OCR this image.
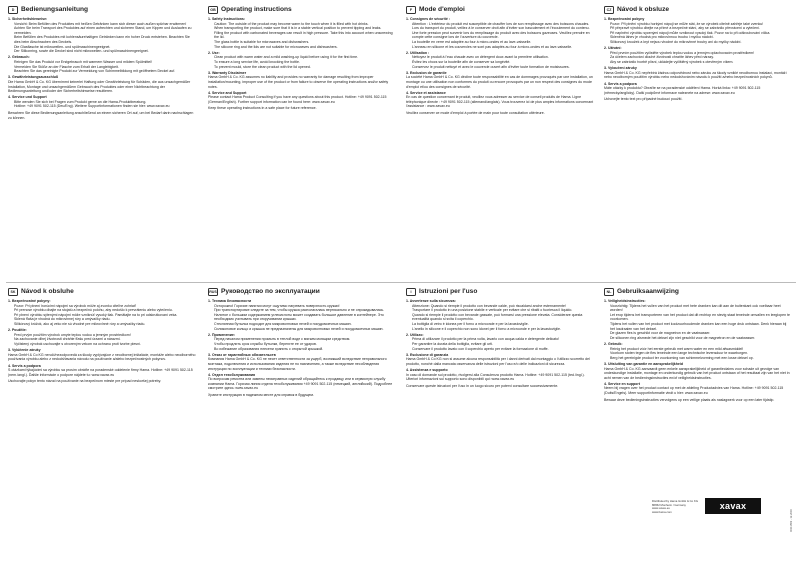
D	Bedienungsanleitung
1. Sicherheitshinweise:
• Vorsicht: Beim Befüllen des Produktes mit heißen Getränken kann sich dieser auch außen spürbar erwärmen!
• Achten Sie beim Transport des Produktes auf einen aufrechten und sicheren Stand, um Kippen und Auslaufen zu vermeiden.
• Beim Befüllen des Produktes mit kohlensäurehaltigen Getränken kann ein hoher Druck entstehen. Beachten Sie dies beim Abschrauben des Deckels.
• Die Glasflasche ist mikrowellen- und spülmaschinengeeignet.
• Der Silikonring, sowie die Deckel sind nicht mikrowellen- und spülmaschinengeeignet.
2. Gebrauch:
• Reinigen Sie das Produkt vor Erstgebrauch mit warmem Wasser und mildem Spülmittel!
• Vermeiden Sie Stöße an der Flasche zum Erhalt der Langlebigkeit.
• Beachten Sie das gereinigte Produkt zur Vermeidung von Schimmelbildung mit geöffnetem Deckel auf.
3. Gewährleistungsausschluß

Die Hama GmbH & Co. KG übernimmt keinerlei Haftung oder Gewährleistung für Schäden, die aus unsachgemäßer Installation, Montage und unsachgemäßem Gebrauch des Produktes oder einer Nichtbeachtung der Bedienungsanleitung und/oder der Sicherheitshinweise resultieren.

4. Service und Support
• Bitte wenden Sie sich bei Fragen zum Produkt gerne an die Hama-Produktberatung.
• Hotline: +49 9091 502-115 (Deu/Eng). Weitere Supportinformationen finden sie hier: www.xavax.eu

Bewahren Sie diese Bedienungsanleitung anschließend an einem sicheren Ort auf, um bei Bedarf darin nachschlagen zu können.

GB Operating instructions
1. Safety Instructions:
• Caution: The outside of the product may become warm to the touch when it is filled with hot drinks.
• When transporting the product, make sure that it is in a stable vertical position to prevent tipping and leaks.
• Filling the product with carbonated beverages can result in high pressure. Take this into account when unscrewing the lid.
• The glass bottle is suitable for microwaves and dishwashers.
• The silicone ring and the lids are not suitable for microwaves and dishwashers.
2. Use:
• Clean product with warm water and a mild washing-up liquid before using it for the first time.
• To ensure a long service life, avoid knocking the bottle.
• To prevent mould, store the clean product with the lid opened.
3. Warranty Disclaimer

Hama GmbH & Co. KG assumes no liability and provides no warranty for damage resulting from improper installation/mounting, improper use of the product or from failure to observe the operating instructions and/or safety notes.

4. Service and Support

Please contact Hama Product Consulting if you have any questions about this product. Hotline: +49 9091 502-115 (German/English). Further support information can be found here: www.xavax.eu

Keep these operating instructions in a safe place for future reference.

F	Mode d'emploi
1. Consignes de sécurité :
• Attention : L'extérieur du produit est susceptible de chauffer lors de son remplissage avec des boissons chaudes.
• Lors du transport du produit, veillez à le conserver droit afin d'éviter son basculement et l'écoulement du contenu.
• Une forte pression peut survenir lors du remplissage du produit avec des boissons gazeuses. Veuillez prendre en compte cette consigne lors de l'ouverture du couvercle.
• La bouteille en verre est adaptée au four à micro-ondes et au lave-vaisselle.
• L'anneau en silicone et les couvercles ne sont pas adaptés au four à micro-ondes et au lave-vaisselle.
2. Utilisation :
• Nettoyez le produit à l'eau chaude avec un détergent doux avant la première utilisation.
• Évitez les chocs sur la bouteille afin de conserver sa longévité.
• Conservez le produit nettoyé et avec le couvercle ouvert afin d'éviter toute formation de moisissures.
3. Exclusion de garantie

La société Hama GmbH & Co. KG décline toute responsabilité en cas de dommages provoqués par une installation, un montage ou une utilisation non conformes du produit ou encore provoqués par un non respect des consignes du mode d'emploi et/ou des consignes de sécurité.

4. Service et assistance

En cas de question concernant le produit, veuillez vous adresser au service de conseil produits de Hama. Ligne téléphonique directe : +49 9091 502-115 (allemand/anglais). Vous trouverez ici de plus amples informations concernant l'assistance : www.xavax.eu

Veuillez conserver ce mode d'emploi à portée de main pour toute consultation ultérieure.

CZ Návod k obsluze
1. Bezpečnostní pokyny
• Pozor: Při plnění výrobku horkými nápoji se může stát, že se výrobek citelně zahřeje také zvenku!
• Při přepravě výrobku dbejte na přímé a bezpečné stání, aby se zabránilo převrácení a vytečení.
• Při naplnění výrobku sycenými nápoji může vzniknout vysoký tlak. Pozor na to při odšroubování víčka.
• Skleněná láhev je vhodná pro mikrovlnnou troubu i myčku nádobí.
• Silikonový kroužek a kryt nejsou vhodné do mikrovlnné trouby ani do myčky nádobí.
2. Užívání:
• Před prvním použitím vyčistěte výrobek teplou vodou a jemným oplachovacím prostředkem!
• Za účelem zachování dlouhé životnosti chraňte láhev před nárazy.
• Aby se zabránilo tvorbě plísní, ukládejte vyčištěný výrobek s otevřeným víkem.
3. Vyloučení záruky

Hama GmbH & Co. KG nepřebírá žádnou odpovědnost nebo záruku za škody vzniklé neodbornou instalací, montáží nebo neodborným použitím výrobku nebo nedodržováním návodu k použití a/nebo bezpečnostních pokynů.

4. Servis a podpora

Máte otázky k produktu? Obraťte se na poradenské oddělení Hama. Horká linka: +49 9091 502-115 (německy/anglicky). Další podpůrné informace naleznete na adrese: www.xavax.eu

Uchovejte tento text pro případné budoucí použití.

SK Návod k obsluhe
1. Bezpečnostné pokyny:
• Pozor: Pri plnení horúcimi nápojmi sa výrobok môže aj zvonku citeľne zohriať!
• Pri prenose výrobku dbajte na stojatú a bezpečnú polohu, aby nedošlo k prevráteniu alebo vytečeniu.
• Pri plnení výrobku sýtenými nápojmi môže vzniknúť vysoký tlak. Pamätajte na to pri odskrutkovaní veka.
• Sklená fľaša je vhodná do mikrovlnnej rúry a umývačky riadu.
• Silikónový krúžok, ako aj veko nie sú vhodné pre mikrovlnné rúry a umývačky riadu.
2. Použitie:
• Pred prvým použitím výrobok umyte teplou vodou a jemným prostriedkom!
• Na zachovanie dlhej životnosti chráňte fľašu pred úrazmi a nárazmi.
• Vyčistený výrobok uschovajte s otvoreným vekom na ochranu proti tvorbe plesní.
3. Vylúčenie záruky

Hama GmbH & Co KG neručí/nezodpovedá za škody vyplývajúce z neodbornej inštalácie, montáže alebo neodborného používania výrobku alebo z nedodržiavania návodu na používanie a/alebo bezpečnostných pokynov.

4. Servis a podpora

S otázkami týkajúcimi sa výrobku sa prosím obráťte na poradenské oddelenie firmy Hama. Hotline: +49 9091 502-115 (nem./angl.). Ďalšie informácie o podpore nájdete tu: www.xavax.eu

Uschovajte pokyn tento návod na používanie na bezpečnom mieste pre prípad neskoršej potreby.

RUS Руководство по эксплуатации
1. Техника безопасности
• Осторожно! Горячие напитки могут ощутимо нагревать поверхность кружки!
• При транспортировке следите за тем, чтобы кружка располагалась вертикально и не опрокидывалась.
• Налитое с большим содержанием углекислоты может создавать большое давление в контейнере. Это необходимо учитывать при откручивании крышки.
• Стеклянная бутылка подходит для микроволновых печей и посудомоечных машин.
• Силиконовое кольцо и крышка не предназначены для микроволновых печей и посудомоечных машин.
2. Применение:
• Перед началом применения промыть в теплой воде с мягким моющим средством.
• Чтобы продлить срок службы бутылки, берегите ее от ударов.
• Во избежание образования плесени хранить с открытой крышкой.
3. Отказ от гарантийных обязательств

Компания Hama GmbH & Co. KG не несет ответственности за ущерб, возникший вследствие неправильного монтажа, подключения и использования изделия не по назначению, а также вследствие несоблюдения инструкции по эксплуатации и техники безопасности.

4. Отдел техобслуживания

По вопросам ремонта или замены неисправных изделий обращайтесь к продавцу или в сервисную службу компании Hama. Горячая линия отдела техобслуживания +49 9091 502-115 (немецкий, английский). Подробнее смотрите здесь: www.xavax.eu

Храните инструкцию в надежном месте для справок в будущем.

I	Istruzioni per l'uso
1. Avvertenze sulla sicurezza:
• Attenzione: Quando si riempie il prodotto con bevande calde, può riscaldarsi anche esternamente!
• Trasportare il prodotto in una posizione stabile e verticale per evitare che si ribalti o fuoriesca il liquido.
• Quando si riempie il prodotto con bevande gassate, può formarsi una pressione elevata. Considerare questa eventualità quando si svita il coperchio.
• La bottiglia di vetro è idonea per il forno a microonde e per la lavastoviglie.
• L'anello in silicone e il coperchio non sono idonei per il forno a microonde e per la lavastoviglie.
2. Utilizzo:
• Prima di utilizzare il prodotto per la prima volta, lavarlo con acqua calda e detergente delicato!
• Per garantire la durata della bottiglia, evitare gli urti.
• Conservare il prodotto lavato con il coperchio aperto per evitare la formazione di muffe.
3. Esclusione di garanzia

Hama GmbH & Co KG non si assume alcuna responsabilità per i danni derivati dal montaggio o l'utilizzo scorretto del prodotto, nonché dalla mancata osservanza delle istruzioni per l'uso e/o delle indicazioni di sicurezza.

4. Assistenza e supporto

In caso di domande sul prodotto, rivolgersi alla Consulenza prodotto Hama. Hotline: +49 9091 502-115 (ted./ingl.). Ulteriori informazioni sul supporto sono disponibili qui: www.xavax.eu

Conservare queste istruzioni per l'uso in un luogo sicuro per potervi consultare successivamente.

NL Gebruiksaanwijzing
1. Veiligheidsinstructies:
• Voorzichtig: Tijdens het vullen van het product met hete dranken kan dit aan de buitenkant ook voelbaar heet worden!
• Let erop tijdens het transporteren van het product dat dit rechtop en stevig staat teneinde omvallen en leeglopen te voorkomen.
• Tijdens het vullen van het product met koolzuurhoudende dranken kan een hoge druk ontstaan. Denk hieraan bij het losdraaien van het deksel.
• De glazen fles is geschikt voor de magnetron en de vaatwasser.
• De siliconen ring alsmede het deksel zijn niet geschikt voor de magnetron en de vaatwasser.
2. Gebruik:
• Reinig het product vóór het eerste gebruik met warm water en een mild afwasmiddel!
• Voorkom stoten tegen de fles teneinde een lange technische levensduur te waarborgen.
• Berg het gereinigde product ter voorkoming van schimmelvorming met een losse deksel op.
3. Uitsluiting van garantie en aansprakelijkheid

Hama GmbH & Co. KG aanvaardt geen enkele aansprakelijkheid of garantieclaims voor schade uit gevolge van ondeskundige installatie, montage en onderkundig gebruik van het product ontstaan of het resultaat zijn van het niet in acht nemen van de bedieningsinstructies en/of veiligheidsinstructies.

4. Service en support

Neem bij vragen over het product contact op met de afdeling Productadvies van Hama. Hotline: +49 9091 502-115 (Duits/Engels). Meer supportinformatie vindt u hier: www.xavax.eu

Bewaar deze bedieningsinstructies vervolgens op een veilige plaats als naslagwerk voor op een later tijdstip.

Distributed by Hama GmbH & Co KG
86652 Monheim / Germany
www.xavax.eu
www.hama.com
xavax
00111569 - 12.2016
